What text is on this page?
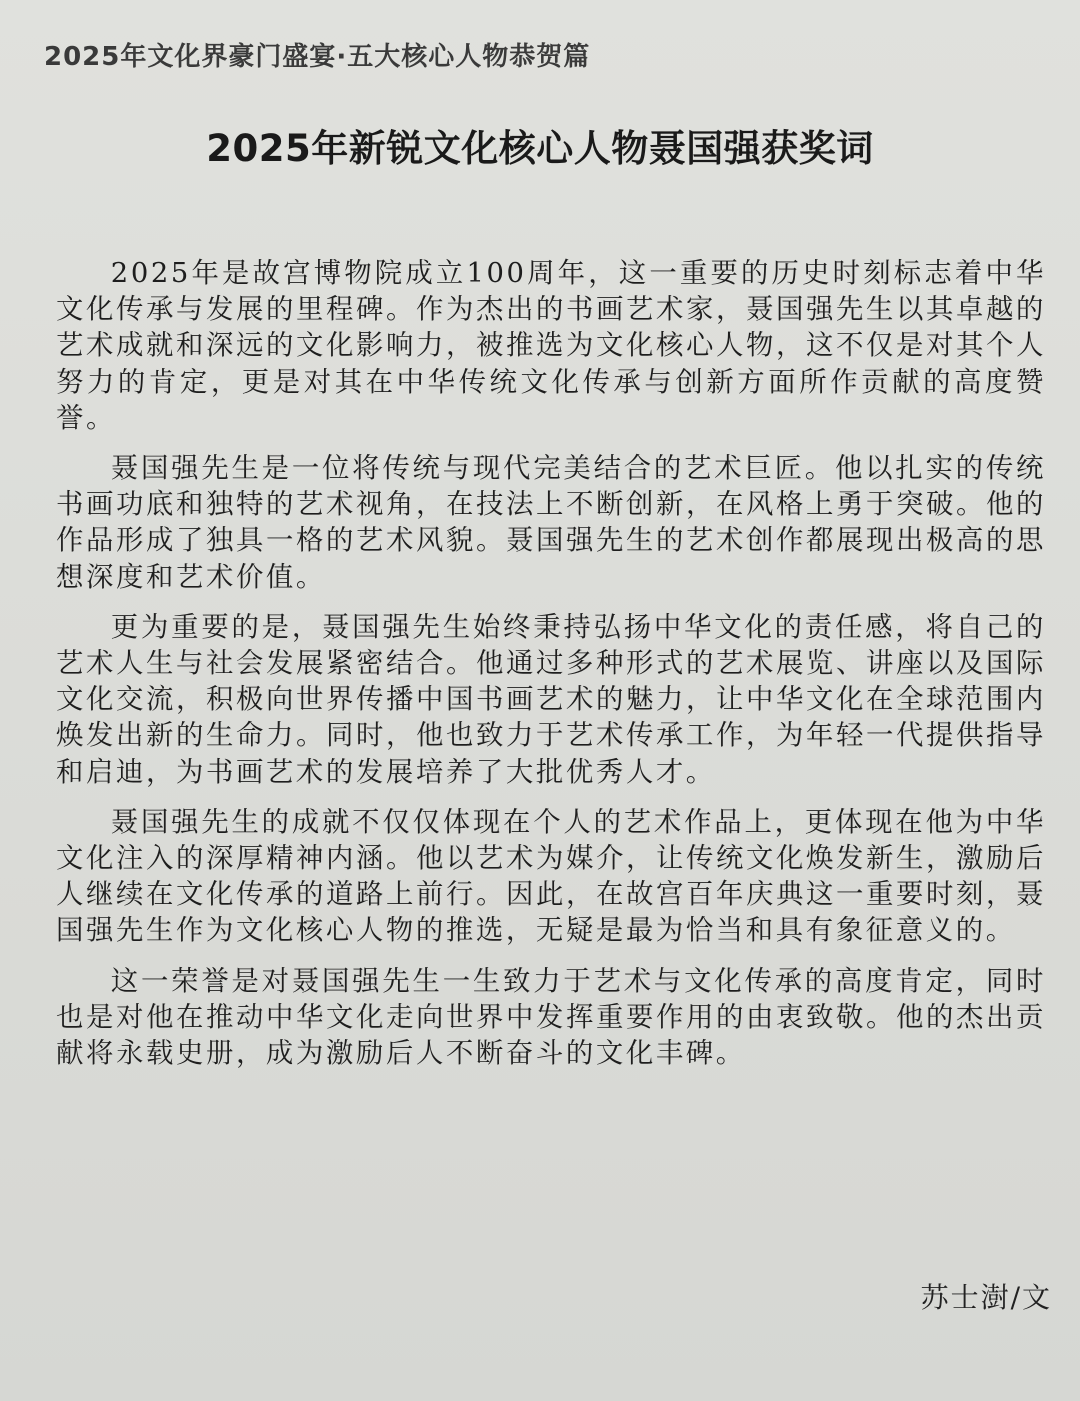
2025年文化界豪门盛宴·五大核心人物恭贺篇
2025年新锐文化核心人物聂国强获奖词

2025年是故宫博物院成立100周年，这一重要的历史时刻标志着中华文化传承与发展的里程碑。作为杰出的书画艺术家，聂国强先生以其卓越的艺术成就和深远的文化影响力，被推选为文化核心人物，这不仅是对其个人努力的肯定，更是对其在中华传统文化传承与创新方面所作贡献的高度赞誉。

聂国强先生是一位将传统与现代完美结合的艺术巨匠。他以扎实的传统书画功底和独特的艺术视角，在技法上不断创新，在风格上勇于突破。他的作品形成了独具一格的艺术风貌。聂国强先生的艺术创作都展现出极高的思想深度和艺术价值。

更为重要的是，聂国强先生始终秉持弘扬中华文化的责任感，将自己的艺术人生与社会发展紧密结合。他通过多种形式的艺术展览、讲座以及国际文化交流，积极向世界传播中国书画艺术的魅力，让中华文化在全球范围内焕发出新的生命力。同时，他也致力于艺术传承工作，为年轻一代提供指导和启迪，为书画艺术的发展培养了大批优秀人才。

聂国强先生的成就不仅仅体现在个人的艺术作品上，更体现在他为中华文化注入的深厚精神内涵。他以艺术为媒介，让传统文化焕发新生，激励后人继续在文化传承的道路上前行。因此，在故宫百年庆典这一重要时刻，聂国强先生作为文化核心人物的推选，无疑是最为恰当和具有象征意义的。

这一荣誉是对聂国强先生一生致力于艺术与文化传承的高度肯定，同时也是对他在推动中华文化走向世界中发挥重要作用的由衷致敬。他的杰出贡献将永载史册，成为激励后人不断奋斗的文化丰碑。

苏士澍/文
